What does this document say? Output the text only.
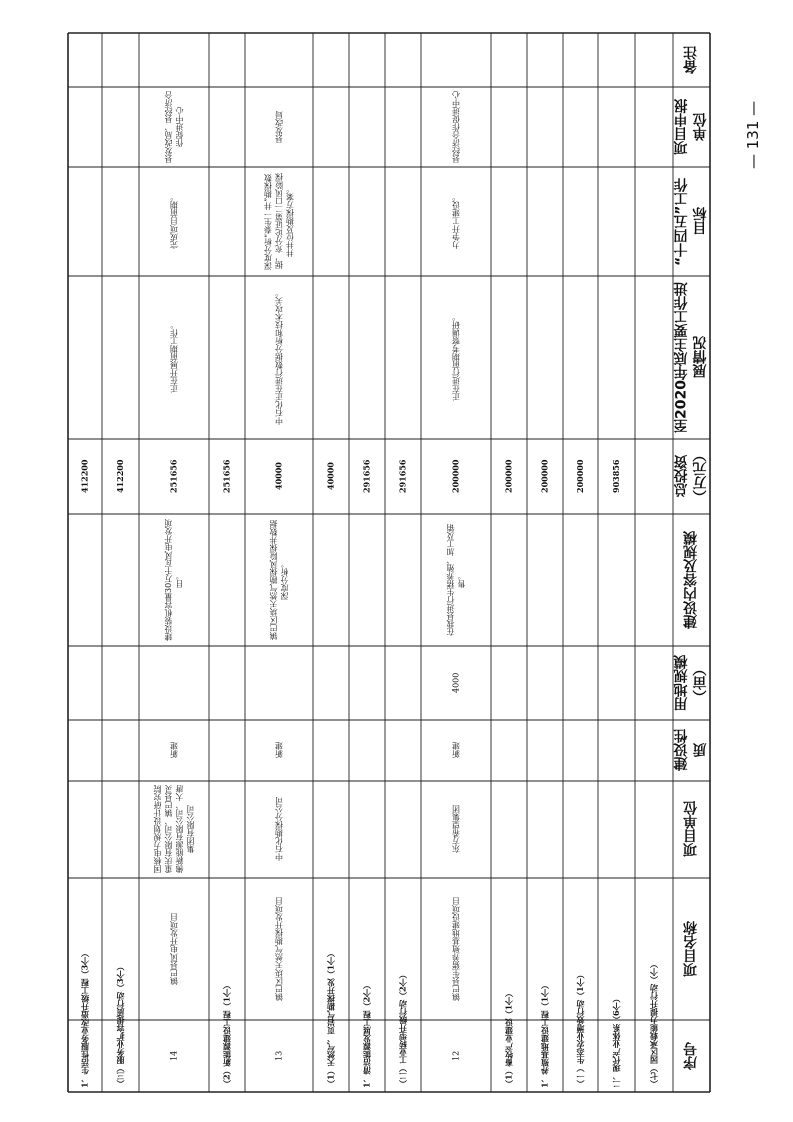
— 131 —
序号
项目名称
项目单位
建设性质
用地规模（亩）
建设内容及规模
总投资（万元）
至2020年底主要工作进展情况
“十四五”工作目标
项目申报单位
备注
（七）园区承载能力提升行动（个）
二、现代产业体系（6个）
903856
（一）生态农业增效行动（1个）
200000
1、养殖基地建设工程（1个）
200000
（1）畜牧产业建设（1个）
200000
12
镇巴县生猪养殖基地建设项目
东方希望集团
新建
4000
在我县进行生猪养殖、加工及销售。
200000
正在进行前期考察调研。
力争开工建设。
县经济合作促进中心
（二）工业转型升级行动（2个）
291656
1、清洁能源发展工程（2个）
291656
（1）天然气、页岩气勘探开发（1个）
40000
13
镇巴区块天然气勘探开发项目
中石化勘探分公司
新建
镇巴区块天然气勘探风险探井数据深度分析。
40000
中石化正在进行数据分析和技术攻关。
深度分析“泰生一井”勘探数据，充分论证第二口风险探井井位及勘探方案。
县发改局
（2）新能源建设工程（1个）
251656
14
镇巴县风电开发项目
国核电力规划设计研究院重庆有限公司、镇巴县灵佛新能源有限公司、大唐集团有限公司
新建
建设装机容量30万千瓦风电开发项目。
251656
正在开展前期工作。
完成项目前期。
县发改局、县经济合作促进中心
（三）服务业扩容提质行动（3个）
412200
1、生活性服务业改造升级工程（3个）
412200
